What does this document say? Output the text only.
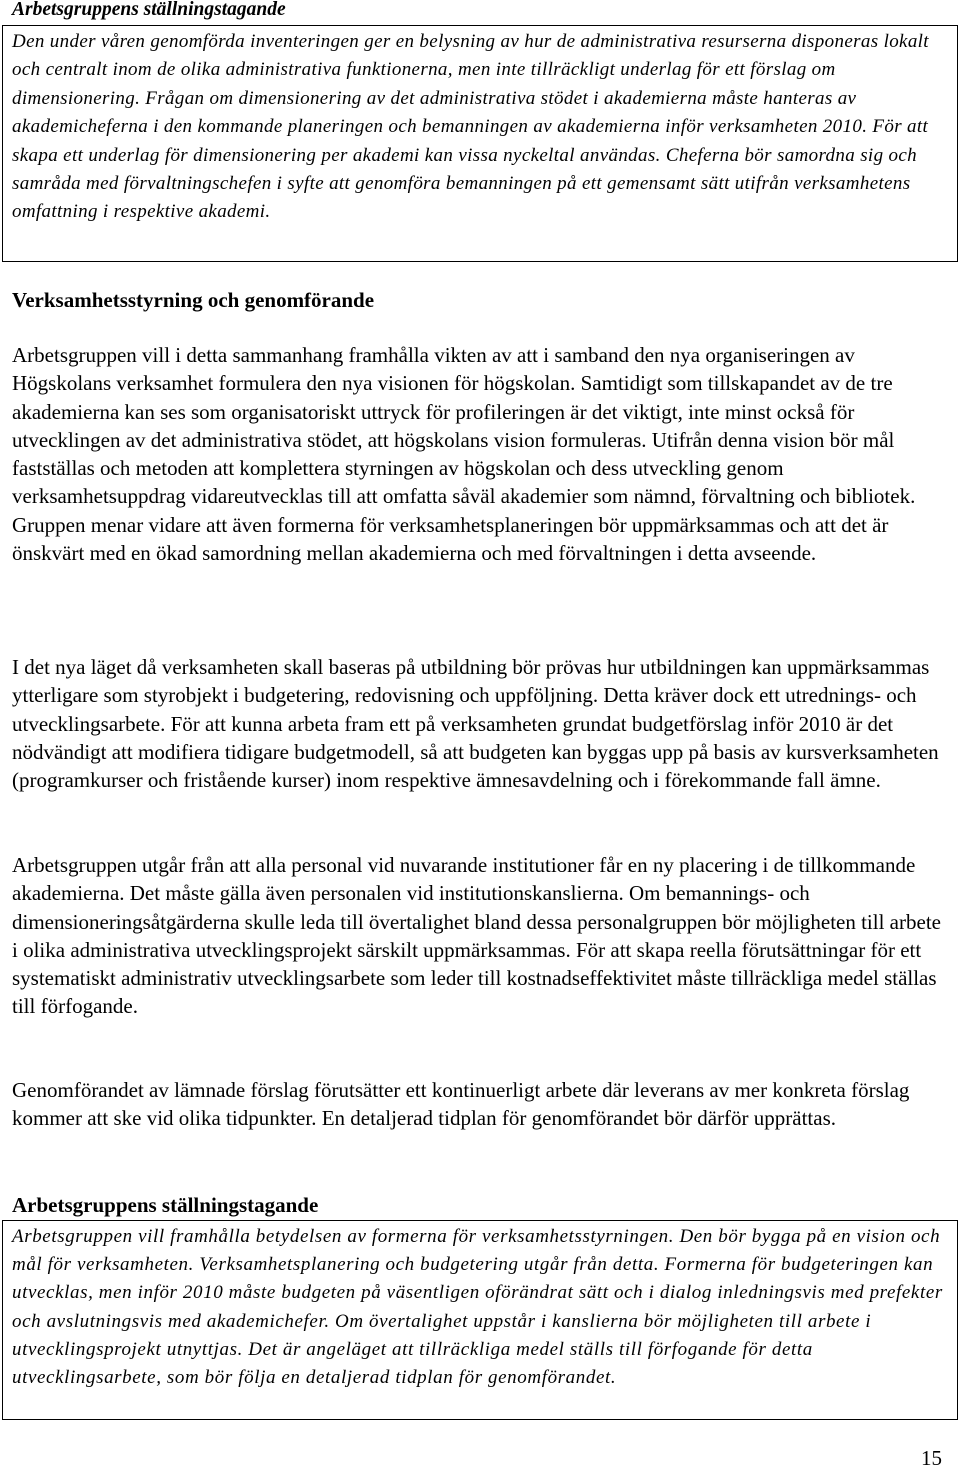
Arbetsgruppens ställningstagande

Den under våren genomförda inventeringen ger en belysning av hur de administrativa resurserna disponeras lokalt och centralt inom de olika administrativa funktionerna, men inte tillräckligt underlag för ett förslag om dimensionering. Frågan om dimensionering av det administrativa stödet i akademierna måste hanteras av akademicheferna i den kommande planeringen och bemanningen av akademierna inför verksamheten 2010. För att skapa ett underlag för dimensionering per akademi kan vissa nyckeltal användas. Cheferna bör samordna sig och samråda med förvaltningschefen i syfte att genomföra bemanningen på ett gemensamt sätt utifrån verksamhetens omfattning i respektive akademi.

Verksamhetsstyrning och genomförande

Arbetsgruppen vill i detta sammanhang framhålla vikten av att i samband den nya organiseringen av Högskolans verksamhet formulera den nya visionen för högskolan. Samtidigt som tillskapandet av de tre akademierna kan ses som organisatoriskt uttryck för profileringen är det viktigt, inte minst också för utvecklingen av det administrativa stödet, att högskolans vision formuleras. Utifrån denna vision bör mål fastställas och metoden att komplettera styrningen av högskolan och dess utveckling genom verksamhetsuppdrag vidareutvecklas till att omfatta såväl akademier som nämnd, förvaltning och bibliotek. Gruppen menar vidare att även formerna för verksamhetsplaneringen bör uppmärksammas och att det är önskvärt med en ökad samordning mellan akademierna och med förvaltningen i detta avseende.

I det nya läget då verksamheten skall baseras på utbildning bör prövas hur utbildningen kan uppmärksammas ytterligare som styrobjekt i budgetering, redovisning och uppföljning. Detta kräver dock ett utrednings- och utvecklingsarbete. För att kunna arbeta fram ett på verksamheten grundat budgetförslag inför 2010 är det nödvändigt att modifiera tidigare budgetmodell, så att budgeten kan byggas upp på basis av kursverksamheten (programkurser och fristående kurser) inom respektive ämnesavdelning och i förekommande fall ämne.

Arbetsgruppen utgår från att alla personal vid nuvarande institutioner får en ny placering i de tillkommande akademierna. Det måste gälla även personalen vid institutionskanslierna. Om bemannings- och dimensioneringsåtgärderna skulle leda till övertalighet bland dessa personalgruppen bör möjligheten till arbete i olika administrativa utvecklingsprojekt särskilt uppmärksammas. För att skapa reella förutsättningar för ett systematiskt administrativ utvecklingsarbete som leder till kostnadseffektivitet måste tillräckliga medel ställas till förfogande.

Genomförandet av lämnade förslag förutsätter ett kontinuerligt arbete där leverans av mer konkreta förslag kommer att ske vid olika tidpunkter. En detaljerad tidplan för genomförandet bör därför upprättas.

Arbetsgruppens ställningstagande

Arbetsgruppen vill framhålla betydelsen av formerna för verksamhetsstyrningen. Den bör bygga på en vision och mål för verksamheten. Verksamhetsplanering och budgetering utgår från detta. Formerna för budgeteringen kan utvecklas, men inför 2010 måste budgeten på väsentligen oförändrat sätt och i dialog inledningsvis med prefekter och avslutningsvis med akademichefer. Om övertalighet uppstår i kanslierna bör möjligheten till arbete i utvecklingsprojekt utnyttjas. Det är angeläget att tillräckliga medel ställs till förfogande för detta utvecklingsarbete, som bör följa en detaljerad tidplan för genomförandet.

15
